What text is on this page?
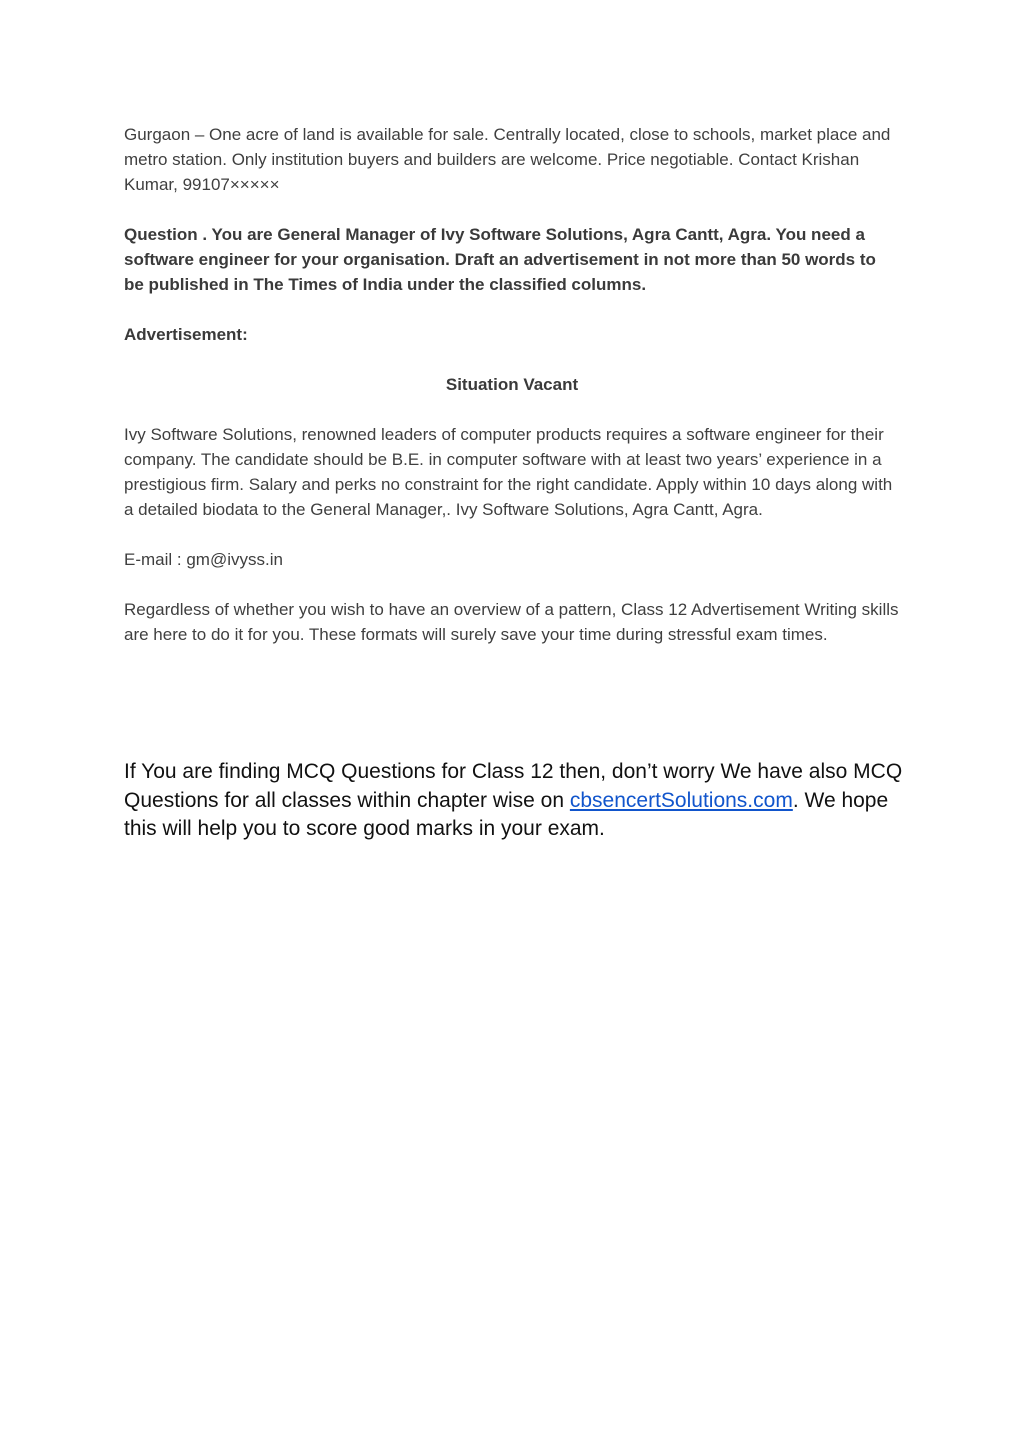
Gurgaon – One acre of land is available for sale. Centrally located, close to schools, market place and metro station. Only institution buyers and builders are welcome. Price negotiable. Contact Krishan Kumar, 99107×××××

Question . You are General Manager of Ivy Software Solutions, Agra Cantt, Agra. You need a software engineer for your organisation. Draft an advertisement in not more than 50 words to be published in The Times of India under the classified columns.

Advertisement:

Situation Vacant

Ivy Software Solutions, renowned leaders of computer products requires a software engineer for their company. The candidate should be B.E. in computer software with at least two years’ experience in a prestigious firm. Salary and perks no constraint for the right candidate. Apply within 10 days along with a detailed biodata to the General Manager,. Ivy Software Solutions, Agra Cantt, Agra.

E-mail : gm@ivyss.in

Regardless of whether you wish to have an overview of a pattern, Class 12 Advertisement Writing skills are here to do it for you. These formats will surely save your time during stressful exam times.

If You are finding MCQ Questions for Class 12 then, don’t worry We have also MCQ Questions for all classes within chapter wise on cbsencertSolutions.com. We hope this will help you to score good marks in your exam.
